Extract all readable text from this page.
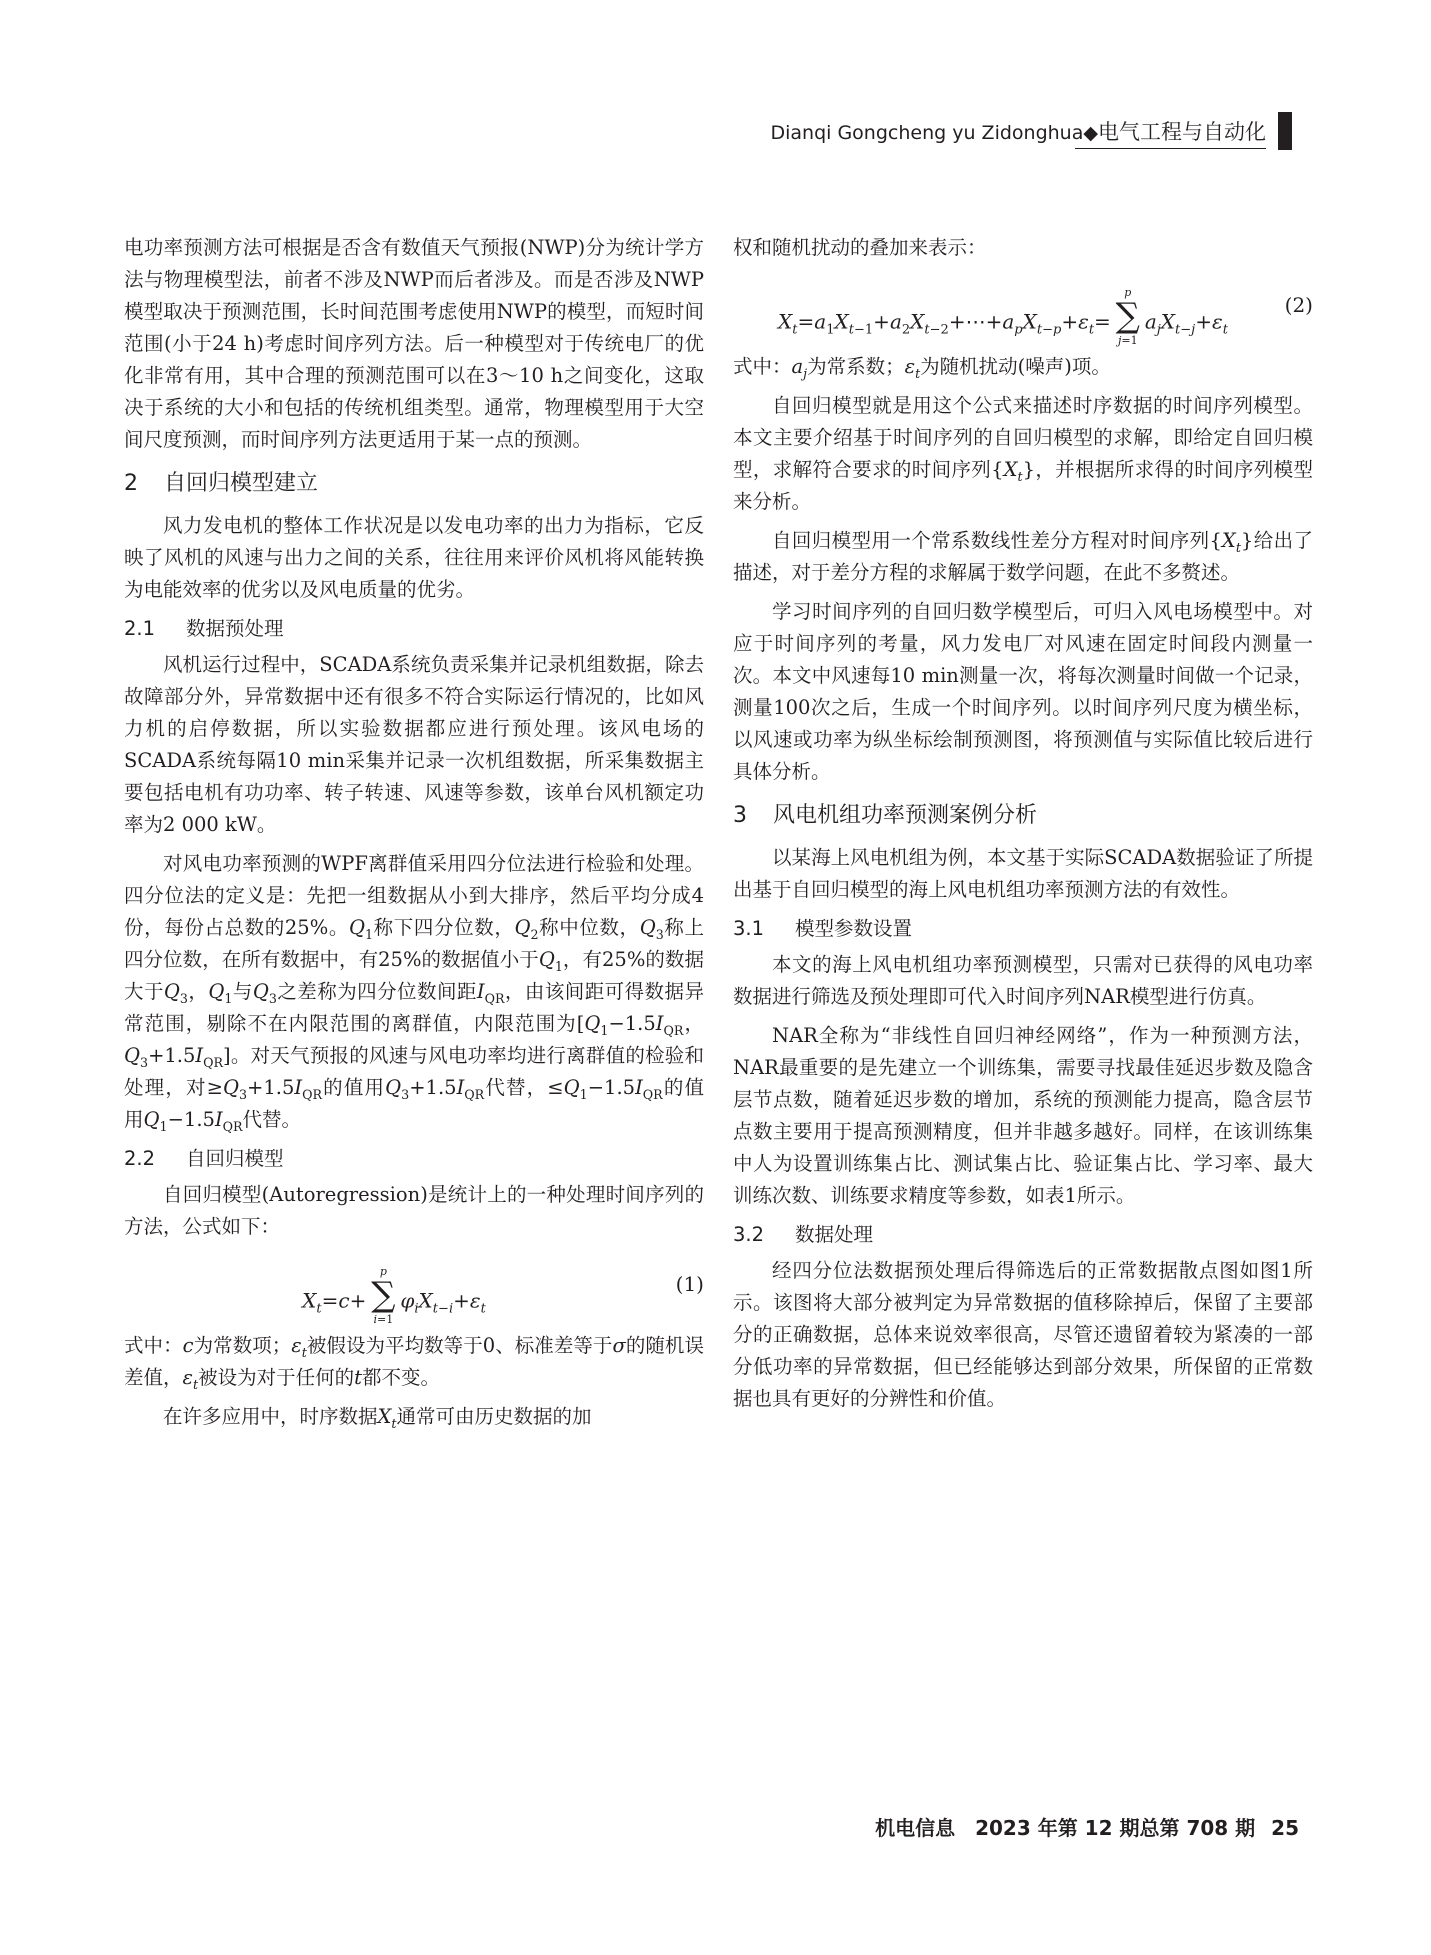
Dianqi Gongcheng yu Zidonghua◆电气工程与自动化

电功率预测方法可根据是否含有数值天气预报(NWP)分为统计学方法与物理模型法，前者不涉及NWP而后者涉及。而是否涉及NWP模型取决于预测范围，长时间范围考虑使用NWP的模型，而短时间范围(小于24 h)考虑时间序列方法。后一种模型对于传统电厂的优化非常有用，其中合理的预测范围可以在3～10 h之间变化，这取决于系统的大小和包括的传统机组类型。通常，物理模型用于大空间尺度预测，而时间序列方法更适用于某一点的预测。

2 自回归模型建立

风力发电机的整体工作状况是以发电功率的出力为指标，它反映了风机的风速与出力之间的关系，往往用来评价风机将风能转换为电能效率的优劣以及风电质量的优劣。

2.1 数据预处理

风机运行过程中，SCADA系统负责采集并记录机组数据，除去故障部分外，异常数据中还有很多不符合实际运行情况的，比如风力机的启停数据，所以实验数据都应进行预处理。该风电场的SCADA系统每隔10 min采集并记录一次机组数据，所采集数据主要包括电机有功功率、转子转速、风速等参数，该单台风机额定功率为2 000 kW。

对风电功率预测的WPF离群值采用四分位法进行检验和处理。四分位法的定义是：先把一组数据从小到大排序，然后平均分成4份，每份占总数的25%。$Q_1$称下四分位数，$Q_2$称中位数，$Q_3$称上四分位数，在所有数据中，有25%的数据值小于$Q_1$，有25%的数据大于$Q_3$，$Q_1$与$Q_3$之差称为四分位数间距$I_{QR}$，由该间距可得数据异常范围，剔除不在内限范围的离群值，内限范围为[$Q_1-1.5I_{QR}$，$Q_3+1.5I_{QR}$]。对天气预报的风速与风电功率均进行离群值的检验和处理，对$\ge Q_3+1.5I_{QR}$的值用$Q_3+1.5I_{QR}$代替，$\le Q_1-1.5I_{QR}$的值用$Q_1-1.5I_{QR}$代替。

2.2 自回归模型

自回归模型(Autoregression)是统计上的一种处理时间序列的方法，公式如下：

$X_t=c+$
p
∑
i=1
$\varphi_iX_{t-i}+\varepsilon_t$
(1)

式中：c为常数项；$\varepsilon_t$被假设为平均数等于0、标准差等于σ的随机误差值，$\varepsilon_t$被设为对于任何的t都不变。

在许多应用中，时序数据$X_t$通常可由历史数据的加

权和随机扰动的叠加来表示：

$X_t=a_1X_{t-1}+a_2X_{t-2}+\cdots+a_pX_{t-p}+\varepsilon_t=$
p
∑
j=1
$a_jX_{t-j}+\varepsilon_t$
(2)

式中：$a_j$为常系数；$\varepsilon_t$为随机扰动(噪声)项。

自回归模型就是用这个公式来描述时序数据的时间序列模型。本文主要介绍基于时间序列的自回归模型的求解，即给定自回归模型，求解符合要求的时间序列$\{X_t\}$，并根据所求得的时间序列模型来分析。

自回归模型用一个常系数线性差分方程对时间序列$\{X_t\}$给出了描述，对于差分方程的求解属于数学问题，在此不多赘述。

学习时间序列的自回归数学模型后，可归入风电场模型中。对应于时间序列的考量，风力发电厂对风速在固定时间段内测量一次。本文中风速每10 min测量一次，将每次测量时间做一个记录，测量100次之后，生成一个时间序列。以时间序列尺度为横坐标，以风速或功率为纵坐标绘制预测图，将预测值与实际值比较后进行具体分析。

3 风电机组功率预测案例分析

以某海上风电机组为例，本文基于实际SCADA数据验证了所提出基于自回归模型的海上风电机组功率预测方法的有效性。

3.1 模型参数设置

本文的海上风电机组功率预测模型，只需对已获得的风电功率数据进行筛选及预处理即可代入时间序列NAR模型进行仿真。

NAR全称为“非线性自回归神经网络”，作为一种预测方法，NAR最重要的是先建立一个训练集，需要寻找最佳延迟步数及隐含层节点数，随着延迟步数的增加，系统的预测能力提高，隐含层节点数主要用于提高预测精度，但并非越多越好。同样，在该训练集中人为设置训练集占比、测试集占比、验证集占比、学习率、最大训练次数、训练要求精度等参数，如表1所示。

3.2 数据处理

经四分位法数据预处理后得筛选后的正常数据散点图如图1所示。该图将大部分被判定为异常数据的值移除掉后，保留了主要部分的正确数据，总体来说效率很高，尽管还遗留着较为紧凑的一部分低功率的异常数据，但已经能够达到部分效果，所保留的正常数据也具有更好的分辨性和价值。

机电信息　2023 年第 12 期总第 708 期 25
